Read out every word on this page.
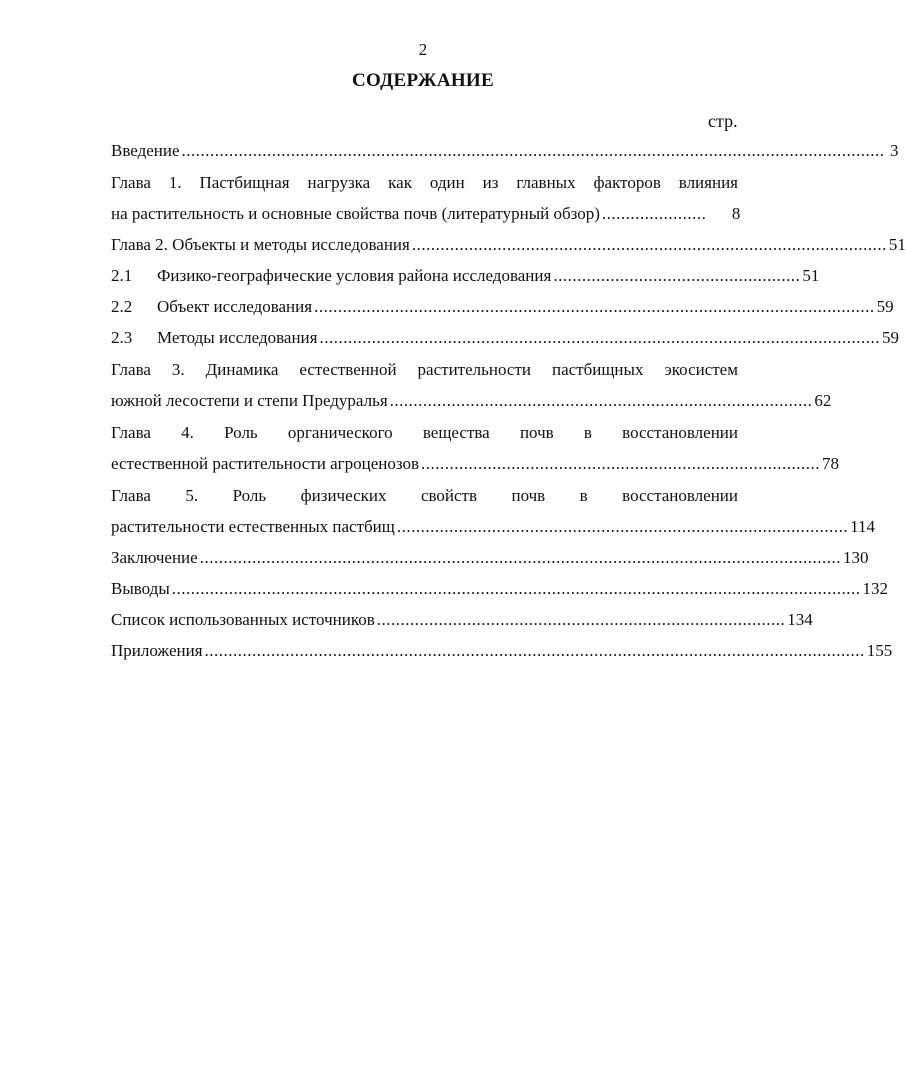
2
СОДЕРЖАНИЕ
стр.
Введение .................................................................................................................................................... 3
Глава 1. Пастбищная нагрузка как один из главных факторов влияния
на растительность и основные свойства почв (литературный обзор) ......................	8
Глава 2. Объекты и методы исследования .................................................................................................... 51
2.1	Физико-географические условия района исследования .................................................... 51
2.2	Объект исследования ...................................................................................................................... 59
2.3	Методы исследования ...................................................................................................................... 59
Глава 3. Динамика естественной растительности пастбищных экосистем
южной лесостепи и степи Предуралья ......................................................................................... 62
Глава 4. Роль органического вещества почв в восстановлении
естественной растительности агроценозов .................................................................................... 78
Глава 5. Роль физических свойств почв в восстановлении
растительности естественных пастбищ ............................................................................................... 114
Заключение ....................................................................................................................................... 130
Выводы ................................................................................................................................................. 132
Список использованных источников ...................................................................................... 134
Приложения ........................................................................................................................................... 155
